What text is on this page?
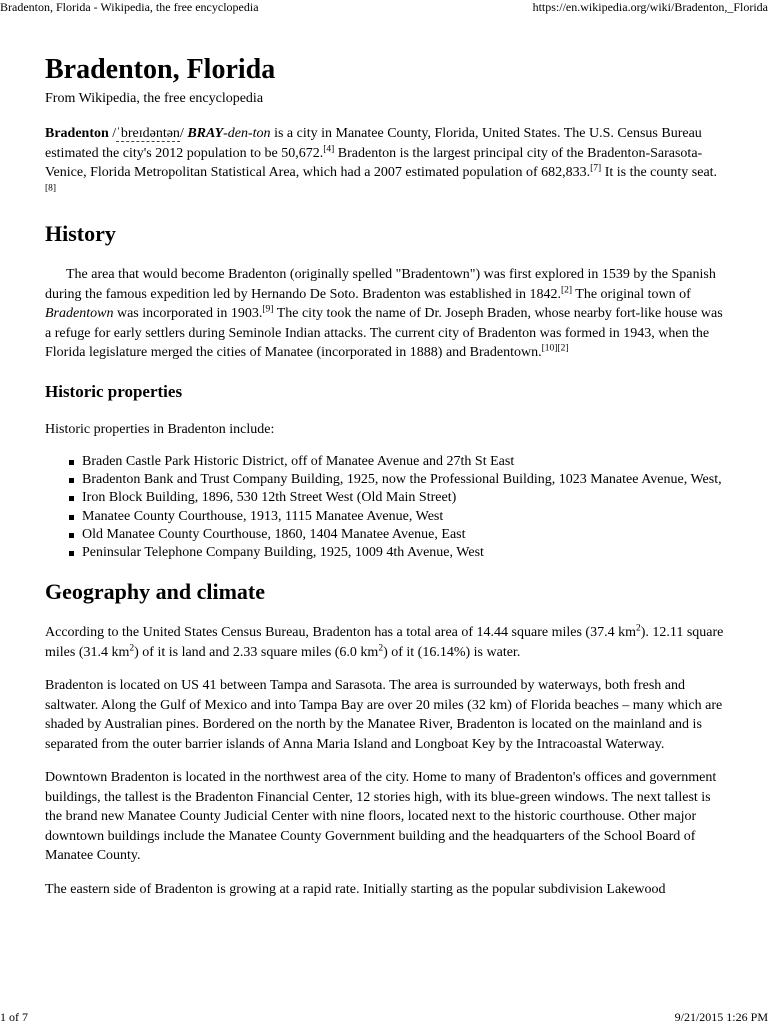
Bradenton, Florida - Wikipedia, the free encyclopedia	https://en.wikipedia.org/wiki/Bradenton,_Florida
Bradenton, Florida
From Wikipedia, the free encyclopedia

Bradenton /ˈbreɪdəntən/ BRAY-den-ton is a city in Manatee County, Florida, United States. The U.S. Census Bureau estimated the city's 2012 population to be 50,672.[4] Bradenton is the largest principal city of the Bradenton-Sarasota-Venice, Florida Metropolitan Statistical Area, which had a 2007 estimated population of 682,833.[7] It is the county seat.[8]

History

The area that would become Bradenton (originally spelled "Bradentown") was first explored in 1539 by the Spanish during the famous expedition led by Hernando De Soto. Bradenton was established in 1842.[2] The original town of Bradentown was incorporated in 1903.[9] The city took the name of Dr. Joseph Braden, whose nearby fort-like house was a refuge for early settlers during Seminole Indian attacks. The current city of Bradenton was formed in 1943, when the Florida legislature merged the cities of Manatee (incorporated in 1888) and Bradentown.[10][2]

Historic properties

Historic properties in Bradenton include:

Braden Castle Park Historic District, off of Manatee Avenue and 27th St East
Bradenton Bank and Trust Company Building, 1925, now the Professional Building, 1023 Manatee Avenue, West,
Iron Block Building, 1896, 530 12th Street West (Old Main Street)
Manatee County Courthouse, 1913, 1115 Manatee Avenue, West
Old Manatee County Courthouse, 1860, 1404 Manatee Avenue, East
Peninsular Telephone Company Building, 1925, 1009 4th Avenue, West
Geography and climate

According to the United States Census Bureau, Bradenton has a total area of 14.44 square miles (37.4 $km^2$). 12.11 square miles (31.4 $km^2$) of it is land and 2.33 square miles (6.0 $km^2$) of it (16.14%) is water.

Bradenton is located on US 41 between Tampa and Sarasota. The area is surrounded by waterways, both fresh and saltwater. Along the Gulf of Mexico and into Tampa Bay are over 20 miles (32 km) of Florida beaches – many which are shaded by Australian pines. Bordered on the north by the Manatee River, Bradenton is located on the mainland and is separated from the outer barrier islands of Anna Maria Island and Longboat Key by the Intracoastal Waterway.

Downtown Bradenton is located in the northwest area of the city. Home to many of Bradenton's offices and government buildings, the tallest is the Bradenton Financial Center, 12 stories high, with its blue-green windows. The next tallest is the brand new Manatee County Judicial Center with nine floors, located next to the historic courthouse. Other major downtown buildings include the Manatee County Government building and the headquarters of the School Board of Manatee County.

The eastern side of Bradenton is growing at a rapid rate. Initially starting as the popular subdivision Lakewood

1 of 7	9/21/2015 1:26 PM
